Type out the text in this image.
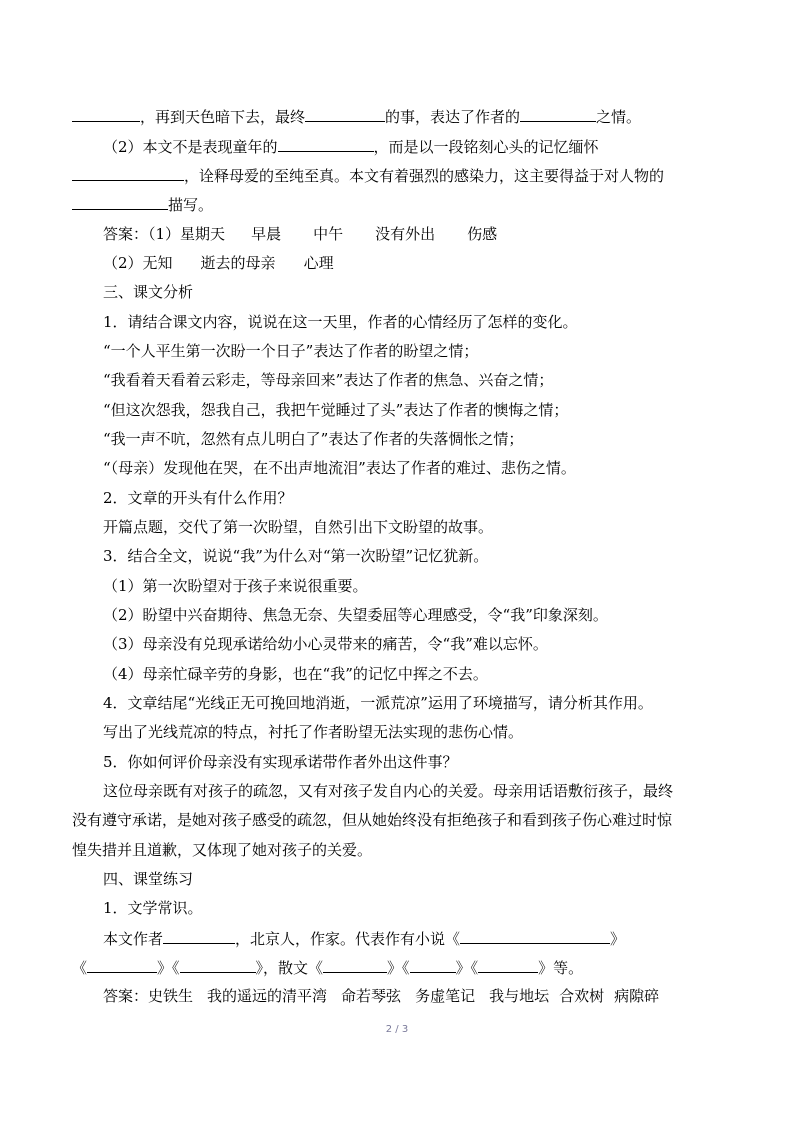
，再到天色暗下去，最终	的事，表达了作者的	之情。
（2）本文不是表现童年的	，而是以一段铭刻心头的记忆缅怀
，诠释母爱的至纯至真。本文有着强烈的感染力，这主要得益于对人物的
描写。
答案：（1）星期天 早晨 中午 没有外出 伤感
（2）无知 逝去的母亲 心理
三、课文分析
1．请结合课文内容，说说在这一天里，作者的心情经历了怎样的变化。
“一个人平生第一次盼一个日子”表达了作者的盼望之情；
“我看着天看着云彩走，等母亲回来”表达了作者的焦急、兴奋之情；
“但这次怨我，怨我自己，我把午觉睡过了头”表达了作者的懊悔之情；
“我一声不吭，忽然有点儿明白了”表达了作者的失落惆怅之情；
“（母亲）发现他在哭，在不出声地流泪”表达了作者的难过、悲伤之情。
2．文章的开头有什么作用？
开篇点题，交代了第一次盼望，自然引出下文盼望的故事。
3．结合全文，说说“我”为什么对“第一次盼望”记忆犹新。
（1）第一次盼望对于孩子来说很重要。
（2）盼望中兴奋期待、焦急无奈、失望委屈等心理感受，令“我”印象深刻。
（3）母亲没有兑现承诺给幼小心灵带来的痛苦，令“我”难以忘怀。
（4）母亲忙碌辛劳的身影，也在“我”的记忆中挥之不去。
4．文章结尾“光线正无可挽回地消逝，一派荒凉”运用了环境描写，请分析其作用。
写出了光线荒凉的特点，衬托了作者盼望无法实现的悲伤心情。
5．你如何评价母亲没有实现承诺带作者外出这件事？
这位母亲既有对孩子的疏忽，又有对孩子发自内心的关爱。母亲用话语敷衍孩子，最终
没有遵守承诺，是她对孩子感受的疏忽，但从她始终没有拒绝孩子和看到孩子伤心难过时惊
惶失措并且道歉，又体现了她对孩子的关爱。
四、课堂练习
1．文学常识。
本文作者	，北京人，作家。代表作有小说《	》
《	》《	》，散文《	》《	》《	》等。
答案：史铁生 我的遥远的清平湾 命若琴弦 务虚笔记 我与地坛 合欢树 病隙碎
2 / 3
